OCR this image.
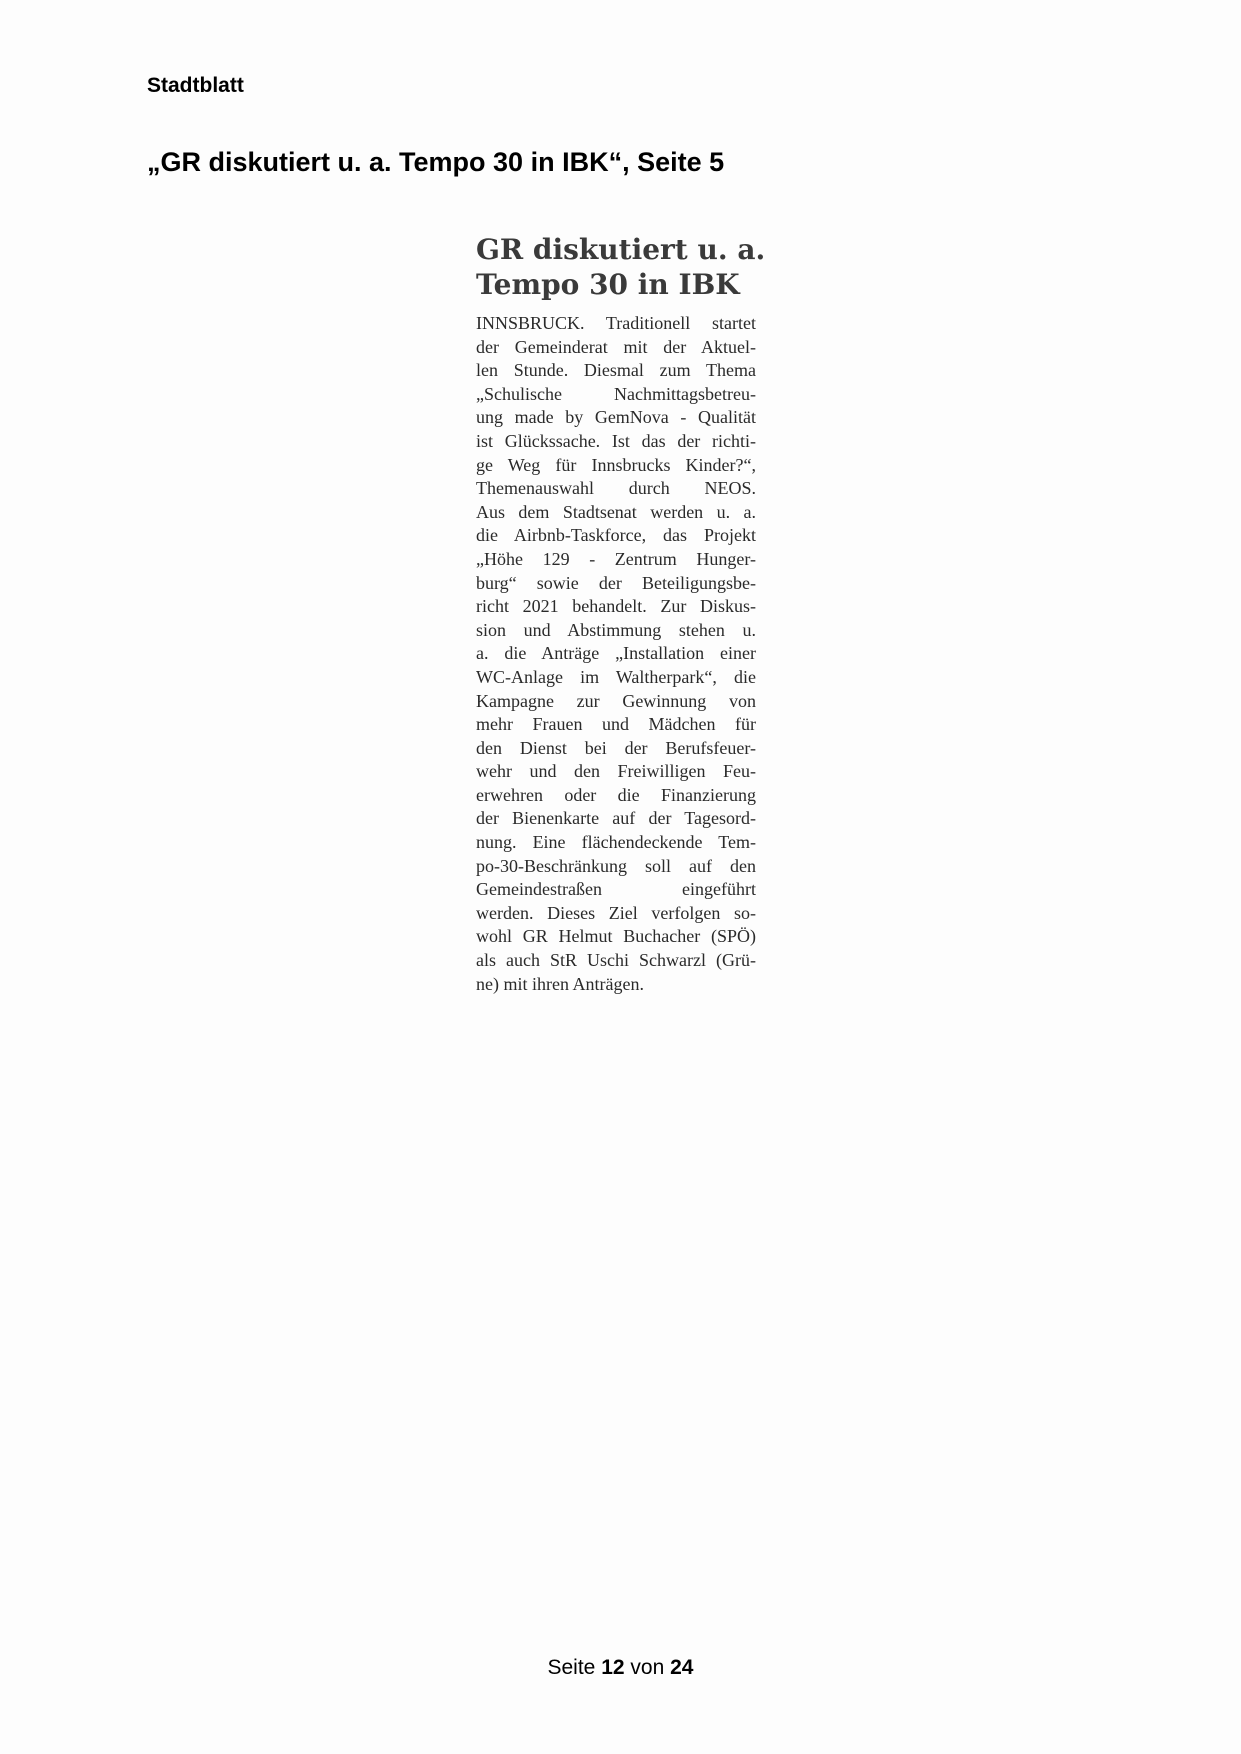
Stadtblatt
„GR diskutiert u. a. Tempo 30 in IBK“, Seite 5
GR diskutiert u. a.
Tempo 30 in IBK
INNSBRUCK. Traditionell startet
der Gemeinderat mit der Aktuel-
len Stunde. Diesmal zum Thema
„Schulische Nachmittagsbetreu-
ung made by GemNova - Qualität
ist Glückssache. Ist das der richti-
ge Weg für Innsbrucks Kinder?“,
Themenauswahl durch NEOS.
Aus dem Stadtsenat werden u. a.
die Airbnb-Taskforce, das Projekt
„Höhe 129 - Zentrum Hunger-
burg“ sowie der Beteiligungsbe-
richt 2021 behandelt. Zur Diskus-
sion und Abstimmung stehen u.
a. die Anträge „Installation einer
WC-Anlage im Waltherpark“, die
Kampagne zur Gewinnung von
mehr Frauen und Mädchen für
den Dienst bei der Berufsfeuer-
wehr und den Freiwilligen Feu-
erwehren oder die Finanzierung
der Bienenkarte auf der Tagesord-
nung. Eine flächendeckende Tem-
po-30-Beschränkung soll auf den
Gemeindestraßen eingeführt
werden. Dieses Ziel verfolgen so-
wohl GR Helmut Buchacher (SPÖ)
als auch StR Uschi Schwarzl (Grü-
ne) mit ihren Anträgen.
Seite 12 von 24
